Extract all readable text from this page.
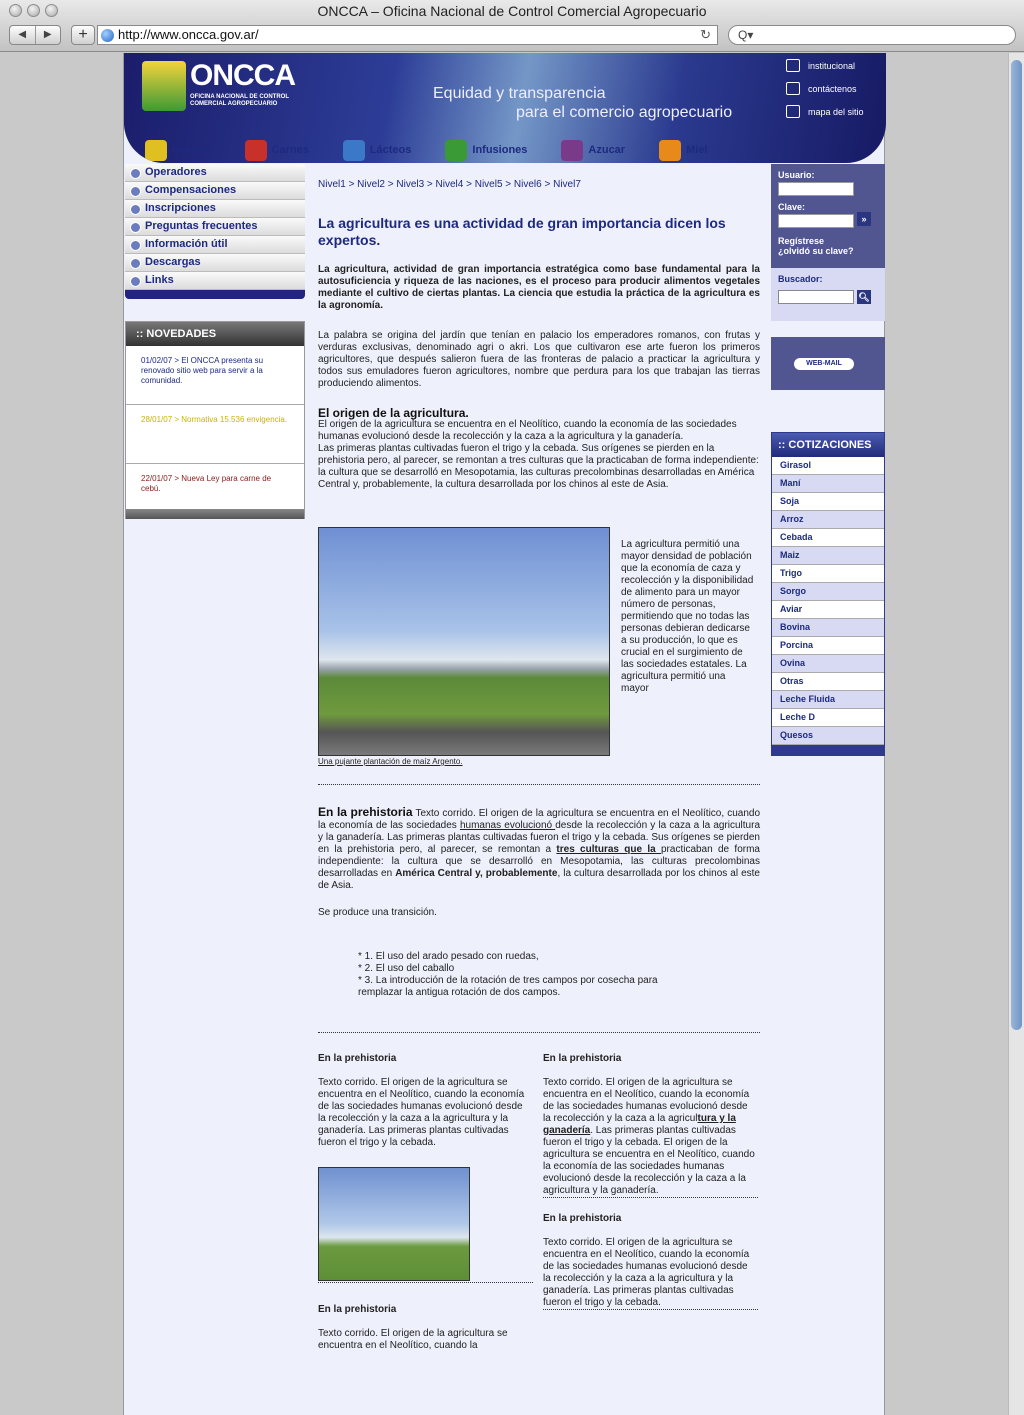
ONCCA – Oficina Nacional de Control Comercial Agropecuario
◀	▶	+	http://www.oncca.gov.ar/	↻	Q▾
ONCCA
OFICINA NACIONAL DE CONTROL COMERCIAL AGROPECUARIO
Equidad y transparencia
para el comercio agropecuario
institucional
contáctenos
mapa del sitio
Granos	Carnes	Lácteos	Infusiones	Azucar	Miel
Operadores
Compensaciones
Inscripciones
Preguntas frecuentes
Información útil
Descargas
Links
:: NOVEDADES
01/02/07 > El ONCCA presenta su renovado sitio web para servir a la comunidad.
28/01/07 > Normativa 15.536 envigencia.
22/01/07 > Nueva Ley para carne de cebú.
Nivel1 > Nivel2 > Nivel3 > Nivel4 > Nivel5 > Nivel6 > Nivel7
La agricultura es una actividad de gran importancia dicen los expertos.

La agricultura, actividad de gran importancia estratégica como base fundamental para la autosuficiencia y riqueza de las naciones, es el proceso para producir alimentos vegetales mediante el cultivo de ciertas plantas. La ciencia que estudia la práctica de la agricultura es la agronomía.

La palabra se origina del jardín que tenían en palacio los emperadores romanos, con frutas y verduras exclusivas, denominado agri o akri. Los que cultivaron ese arte fueron los primeros agricultores, que después salieron fuera de las fronteras de palacio a practicar la agricultura y todos sus emuladores fueron agricultores, nombre que perdura para los que trabajan las tierras produciendo alimentos.

El origen de la agricultura.

El origen de la agricultura se encuentra en el Neolítico, cuando la economía de las sociedades humanas evolucionó desde la recolección y la caza a la agricultura y la ganadería.

Las primeras plantas cultivadas fueron el trigo y la cebada. Sus orígenes se pierden en la prehistoria pero, al parecer, se remontan a tres culturas que la practicaban de forma independiente: la cultura que se desarrolló en Mesopotamia, las culturas precolombinas desarrolladas en América Central y, probablemente, la cultura desarrollada por los chinos al este de Asia.

Una pujante plantación de maíz Argento.
La agricultura permitió una mayor densidad de población que la economía de caza y recolección y la disponibilidad de alimento para un mayor número de personas, permitiendo que no todas las personas debieran dedicarse a su producción, lo que es crucial en el surgimiento de las sociedades estatales. La agricultura permitió una mayor

En la prehistoria Texto corrido. El origen de la agricultura se encuentra en el Neolítico, cuando la economía de las sociedades humanas evolucionó desde la recolección y la caza a la agricultura y la ganadería. Las primeras plantas cultivadas fueron el trigo y la cebada. Sus orígenes se pierden en la prehistoria pero, al parecer, se remontan a tres culturas que la practicaban de forma independiente: la cultura que se desarrolló en Mesopotamia, las culturas precolombinas desarrolladas en América Central y, probablemente, la cultura desarrollada por los chinos al este de Asia.

Se produce una transición.

* 1. El uso del arado pesado con ruedas,
* 2. El uso del caballo
* 3. La introducción de la rotación de tres campos por cosecha para remplazar la antigua rotación de dos campos.
En la prehistoria

Texto corrido. El origen de la agricultura se encuentra en el Neolítico, cuando la economía de las sociedades humanas evolucionó desde la recolección y la caza a la agricultura y la ganadería. Las primeras plantas cultivadas fueron el trigo y la cebada.

En la prehistoria

Texto corrido. El origen de la agricultura se encuentra en el Neolítico, cuando la

En la prehistoria

Texto corrido. El origen de la agricultura se encuentra en el Neolítico, cuando la economía de las sociedades humanas evolucionó desde la recolección y la caza a la agricultura y la ganadería. Las primeras plantas cultivadas fueron el trigo y la cebada. El origen de la agricultura se encuentra en el Neolítico, cuando la economía de las sociedades humanas evolucionó desde la recolección y la caza a la agricultura y la ganadería.

En la prehistoria

Texto corrido. El origen de la agricultura se encuentra en el Neolítico, cuando la economía de las sociedades humanas evolucionó desde la recolección y la caza a la agricultura y la ganadería. Las primeras plantas cultivadas fueron el trigo y la cebada.

Usuario:
Clave:
»
Regístrese
¿olvidó su clave?
Buscador:
🔍︎
WEB-MAIL
:: COTIZACIONES
Girasol
Maní
Soja
Arroz
Cebada
Maiz
Trigo
Sorgo
Aviar
Bovina
Porcina
Ovina
Otras
Leche Fluida
Leche D
Quesos
